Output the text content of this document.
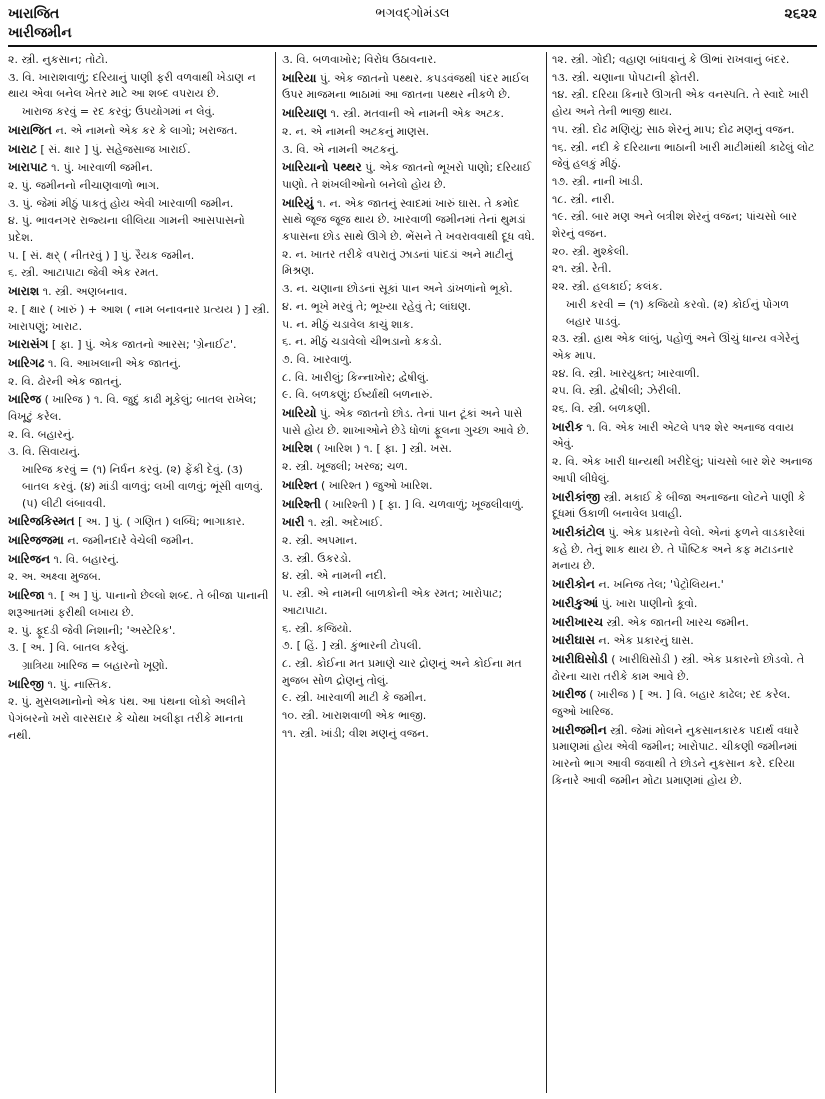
ખારાજિત
ખારીજમીન
ભગવદ્ગોમંડલ	૨૬૨૨
૨. સ્ત્રી. નુકસાન; તોટો.
૩. વિ. ખારાશવાળું; દરિયાનું પાણી ફરી વળવાથી ખેડાણ ન થાય એવા બનેલ ખેતર માટે આ શબ્દ વપરાય છે.
ખારાજ કરવું = રદ કરવું; ઉપયોગમાં ન લેવું.
ખારાજિત ન. એ નામનો એક કર કે લાગો; ખરાજત.
ખારાટ [ સં. ક્ષાર ] પું. સહેજસાજ ખારાઈ.
ખારાપાટ ૧. પું. ખારવાળી જમીન.
૨. પું. જમીનનો નીચાણવાળો ભાગ.
૩. પું. જેમાં મીઠું પાકતું હોય એવી ખારવાળી જમીન.
૪. પું. ભાવનગર રાજ્યના લીલિયા ગામની આસપાસનો પ્રદેશ.
૫. [ સં. ક્ષર્ ( નીતરવું ) ] પું. રૈયક જમીન.
૬. સ્ત્રી. આટાપાટા જેવી એક રમત.
ખારાશ ૧. સ્ત્રી. અણબનાવ.
૨. [ ક્ષાર ( ખારું ) + આશ ( નામ બનાવનાર પ્રત્યય ) ] સ્ત્રી. ખારાપણું; ખારાટ.
ખારાસંગ [ ફા. ] પું. એક જાતનો આરસ; 'ગ્રેનાઈટ'.
ખારિગઢ ૧. વિ. આખલાની એક જાતનું.
૨. વિ. ઢોરની એક જાતનું.
ખારિજ ( ખારિજ ) ૧. વિ. જુદું કાઢી મૂકેલું; બાતલ રાખેલ; વિખૂટું કરેલ.
૨. વિ. બહારનું.
૩. વિ. સિવાયનું.
ખારિજ કરવું = (૧) નિર્ધન કરવું. (૨) ફેંકી દેવું. (૩) બાતલ કરવું. (૪) માંડી વાળવું; લખી વાળવું; ભૂંસી વાળવું. (૫) લીટી લંબાવવી.
ખારિજકિસ્મત [ અ. ] પું. ( ગણિત ) લબ્ધિ; ભાગાકાર.
ખારિજજમા ન. જમીનદારે વેચેલી જમીન.
ખારિજન ૧. વિ. બહારનું.
૨. અ. અક્ષ્વા મુજબ.
ખારિજા ૧. [ અ ] પું. પાનાનો છેલ્લો શબ્દ. તે બીજા પાનાની શરૂઆતમાં ફરીથી લખાય છે.
૨. પું. ફૂદડી જેવી નિશાની; 'અસ્ટેરિક'.
૩. [ અ. ] વિ. બાતલ કરેલું.
ગ્રાત્રિયા ખારિજ = બહારનો ખૂણો.
ખારિજી ૧. પું. નાસ્તિક.
૨. પું. મુસલમાનોનો એક પંથ. આ પંથના લોકો અલીને પેગંબરનો ખરો વારસદાર કે ચોથા ખલીફા તરીકે માનતા નથી.
૩. વિ. બળવાખોર; વિરોધ ઉઠાવનાર.
ખારિયા પું. એક જાતનો પથ્થર. કપડવંજથી પંદર માઈલ ઉપર માજમના ભાઠામાં આ જાતના પથ્થર નીકળે છે.
ખારિયાણ ૧. સ્ત્રી. મતવાની એ નામની એક અટક.
૨. ન. એ નામની અટકનું માણસ.
૩. વિ. એ નામની અટકનું.
ખારિયાનો પથ્થર પું. એક જાતનો ભૂખરો પાણો; દરિયાઈ પાણો. તે શંખલીઓનો બનેલો હોય છે.
ખારિયું ૧. ન. એક જાતનું સ્વાદમાં ખારું ઘાસ. તે કમોદ સાથે જૂજ જૂજ થાય છે. ખારવાળી જમીનમાં તેનાં થુમડાં કપાસના છોડ સાથે ઊગે છે. ભેંસને તે ખવરાવવાથી દૂધ વધે.
૨. ન. ખાતર તરીકે વપરાતું ઝાડનાં પાંદડાં અને માટીનું મિશ્રણ.
૩. ન. ચણાના છોડનાં સૂકાં પાન અને ડાંખળાંનો ભૂકો.
૪. ન. ભૂખે મરવું તે; ભૂખ્યા રહેવું તે; લાંઘણ.
૫. ન. મીઠું ચડાવેલ કાચું શાક.
૬. ન. મીઠું ચડાવેલો ચીભડાનો કકડો.
૭. વિ. ખારવાળું.
૮. વિ. ખારીલું; કિન્નાખોર; દ્વેષીલું.
૯. વિ. બળકણું; ઈર્ષ્યાથી બળનારું.
ખારિયો પું. એક જાતનો છોડ. તેનાં પાન ટૂંકાં અને પાસે પાસે હોય છે. શાખાઓને છેડે ધોળાં ફૂલના ગુચ્છા આવે છે.
ખારિશ ( ખારિશ ) ૧. [ ફા. ] સ્ત્રી. ખસ.
૨. સ્ત્રી. ખૂજલી; ખરજ; ચળ.
ખારિશ્ત ( ખારિશ્ત ) જુઓ ખારિશ.
ખારિશ્તી ( ખારિશ્તી ) [ ફા. ] વિ. ચળવાળું; ખૂજલીવાળું.
ખારી ૧. સ્ત્રી. અદેખાઈ.
૨. સ્ત્રી. અપમાન.
૩. સ્ત્રી. ઉકરડો.
૪. સ્ત્રી. એ નામની નદી.
૫. સ્ત્રી. એ નામની બાળકોની એક રમત; ખારોપાટ; આટાપાટા.
૬. સ્ત્રી. કજિયો.
૭. [ હિં. ] સ્ત્રી. કુંભારની ટોપલી.
૮. સ્ત્રી. કોઈના મત પ્રમાણે ચાર દ્રોણનું અને કોઈના મત મુજબ સોળ દ્રોણનું તોલું.
૯. સ્ત્રી. ખારવાળી માટી કે જમીન.
૧૦. સ્ત્રી. ખારાશવાળી એક ભાજી.
૧૧. સ્ત્રી. ખાંડી; વીશ મણનું વજન.
૧૨. સ્ત્રી. ગોદી; વહાણ બાંધવાનું કે ઊભાં રાખવાનું બંદર.
૧૩. સ્ત્રી. ચણાના પોપટાની ફોતરી.
૧૪. સ્ત્રી. દરિયા કિનારે ઊગતી એક વનસ્પતિ. તે સ્વાદે ખારી હોય અને તેની ભાજી થાય.
૧૫. સ્ત્રી. દોઢ મણિયું; સાઠ શેરનું માપ; દોઢ મણનું વજન.
૧૬. સ્ત્રી. નદી કે દરિયાના ભાઠાની ખારી માટીમાંથી કાઢેલું લોટ જેવું હલકું મીઠું.
૧૭. સ્ત્રી. નાની ખાડી.
૧૮. સ્ત્રી. નારી.
૧૯. સ્ત્રી. બાર મણ અને બત્રીશ શેરનું વજન; પાંચસો બાર શેરનું વજન.
૨૦. સ્ત્રી. મુશ્કેલી.
૨૧. સ્ત્રી. રેતી.
૨૨. સ્ત્રી. હલકાઈ; કલંક.
ખારી કરવી = (૧) કજિયો કરવો. (૨) કોઈનું પોગળ બહાર પાડવું.
૨૩. સ્ત્રી. હાથ એક લાંબું, પહોળું અને ઊંચું ધાન્ય વગેરેનું એક માપ.
૨૪. વિ. સ્ત્રી. ખારયુક્ત; ખારવાળી.
૨૫. વિ. સ્ત્રી. દ્વેષીલી; ઝેરીલી.
૨૬. વિ. સ્ત્રી. બળકણી.
ખારીક ૧. વિ. એક ખારી એટલે ૫૧૨ શેર અનાજ વવાય એવું.
૨. વિ. એક ખારી ધાન્યથી ખરીદેલું; પાંચસો બાર શેર અનાજ આપી લીધેલું.
ખારીકાંજી સ્ત્રી. મકાઈ કે બીજા અનાજના લોટને પાણી કે દૂધમાં ઉકાળી બનાવેલ પ્રવાહી.
ખારીકાંટોલ પું. એક પ્રકારનો વેલો. એનાં ફળને વાડકારેલાં કહે છે. તેનું શાક થાય છે. તે પૌષ્ટિક અને કફ મટાડનાર મનાય છે.
ખારીકોન ન. ખનિજ તેલ; 'પેટ્રોલિયન.'
ખારીકુઆં પું. ખારા પાણીનો કૂવો.
ખારીખારચ સ્ત્રી. એક જાતની ખારચ જમીન.
ખારીઘાસ ન. એક પ્રકારનું ઘાસ.
ખારીઘિસોડી ( ખારીઘિસોડી ) સ્ત્રી. એક પ્રકારનો છોડવો. તે ઢોરના ચારા તરીકે કામ આવે છે.
ખારીજ ( ખારીજ ) [ અ. ] વિ. બહાર કાઢેલ; રદ કરેલ. જુઓ ખારિજ.
ખારીજમીન સ્ત્રી. જેમાં મોલને નુકસાનકારક પદાર્થ વધારે પ્રમાણમાં હોય એવી જમીન; ખારોપાટ. ચીકણી જમીનમાં ખારનો ભાગ આવી જવાથી તે છોડને નુકસાન કરે. દરિયા કિનારે આવી જમીન મોટા પ્રમાણમાં હોય છે.
